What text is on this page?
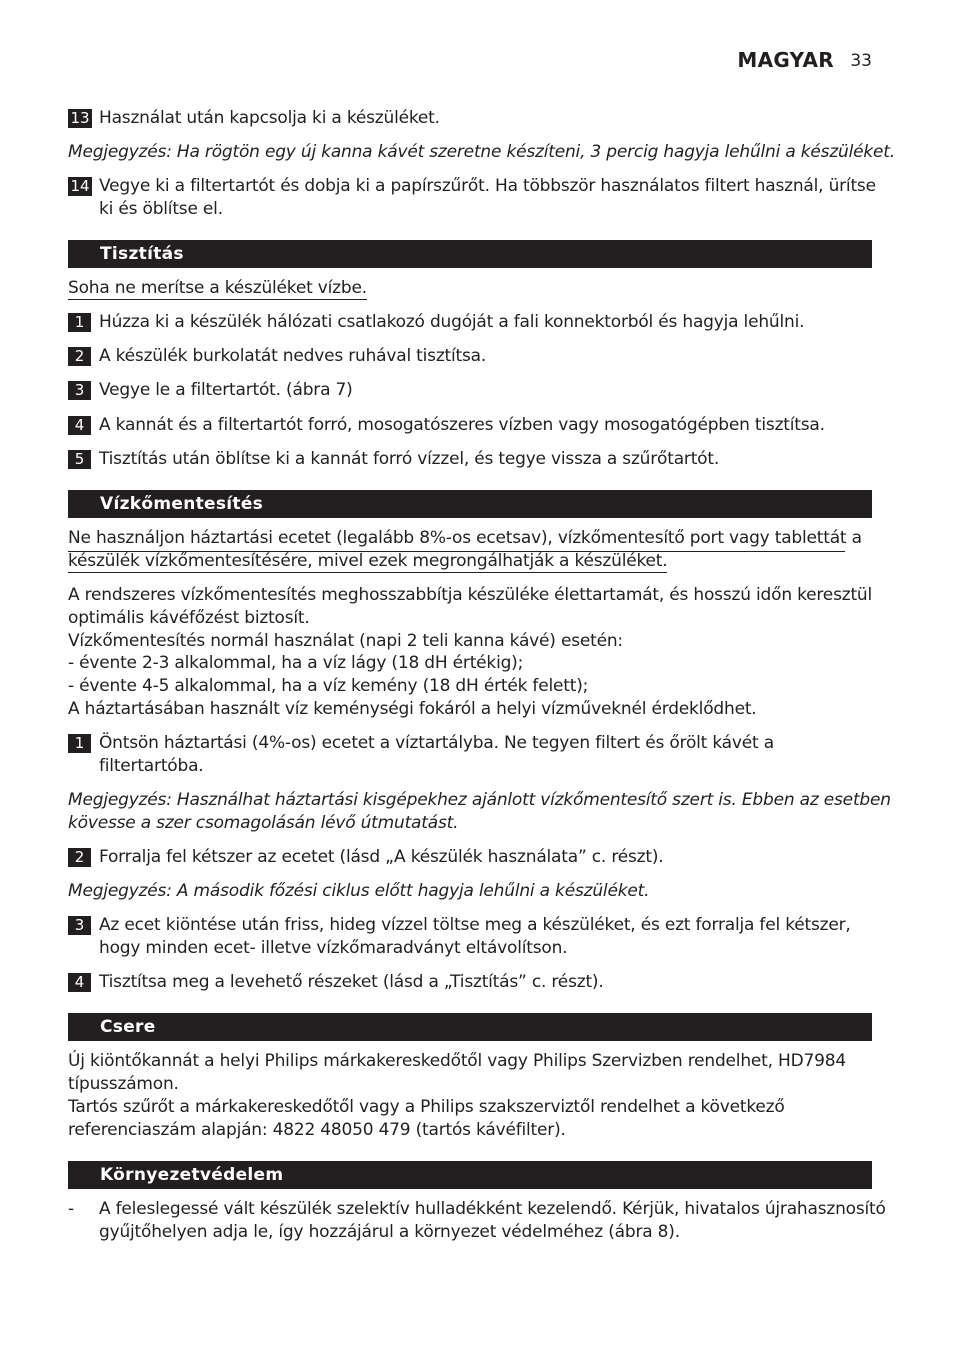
MAGYAR 33
13 Használat után kapcsolja ki a készüléket.
Megjegyzés: Ha rögtön egy új kanna kávét szeretne készíteni, 3 percig hagyja lehűlni a készüléket.
14 Vegye ki a filtertartót és dobja ki a papírszűrőt. Ha többször használatos filtert használ, ürítse
ki és öblítse el.
Tisztítás
Soha ne merítse a készüléket vízbe.
1 Húzza ki a készülék hálózati csatlakozó dugóját a fali konnektorból és hagyja lehűlni.
2 A készülék burkolatát nedves ruhával tisztítsa.
3 Vegye le a filtertartót. (ábra 7)
4 A kannát és a filtertartót forró, mosogatószeres vízben vagy mosogatógépben tisztítsa.
5 Tisztítás után öblítse ki a kannát forró vízzel, és tegye vissza a szűrőtartót.
Vízkőmentesítés
Ne használjon háztartási ecetet (legalább 8%-os ecetsav), vízkőmentesítő port vagy tablettát a
készülék vízkőmentesítésére, mivel ezek megrongálhatják a készüléket.
A rendszeres vízkőmentesítés meghosszabbítja készüléke élettartamát, és hosszú időn keresztül
optimális kávéfőzést biztosít.
Vízkőmentesítés normál használat (napi 2 teli kanna kávé) esetén:
- évente 2-3 alkalommal, ha a víz lágy (18 dH értékig);
- évente 4-5 alkalommal, ha a víz kemény (18 dH érték felett);
A háztartásában használt víz keménységi fokáról a helyi vízműveknél érdeklődhet.
1 Öntsön háztartási (4%-os) ecetet a víztartályba. Ne tegyen filtert és őrölt kávét a
filtertartóba.
Megjegyzés: Használhat háztartási kisgépekhez ajánlott vízkőmentesítő szert is. Ebben az esetben
kövesse a szer csomagolásán lévő útmutatást.
2 Forralja fel kétszer az ecetet (lásd „A készülék használata” c. részt).
Megjegyzés: A második főzési ciklus előtt hagyja lehűlni a készüléket.
3 Az ecet kiöntése után friss, hideg vízzel töltse meg a készüléket, és ezt forralja fel kétszer,
hogy minden ecet- illetve vízkőmaradványt eltávolítson.
4 Tisztítsa meg a levehető részeket (lásd a „Tisztítás” c. részt).
Csere
Új kiöntőkannát a helyi Philips márkakereskedőtől vagy Philips Szervizben rendelhet, HD7984
típusszámon.
Tartós szűrőt a márkakereskedőtől vagy a Philips szakszerviztől rendelhet a következő
referenciaszám alapján: 4822 48050 479 (tartós kávéfilter).
Környezetvédelem
- A feleslegessé vált készülék szelektív hulladékként kezelendő. Kérjük, hivatalos újrahasznosító
gyűjtőhelyen adja le, így hozzájárul a környezet védelméhez (ábra 8).
